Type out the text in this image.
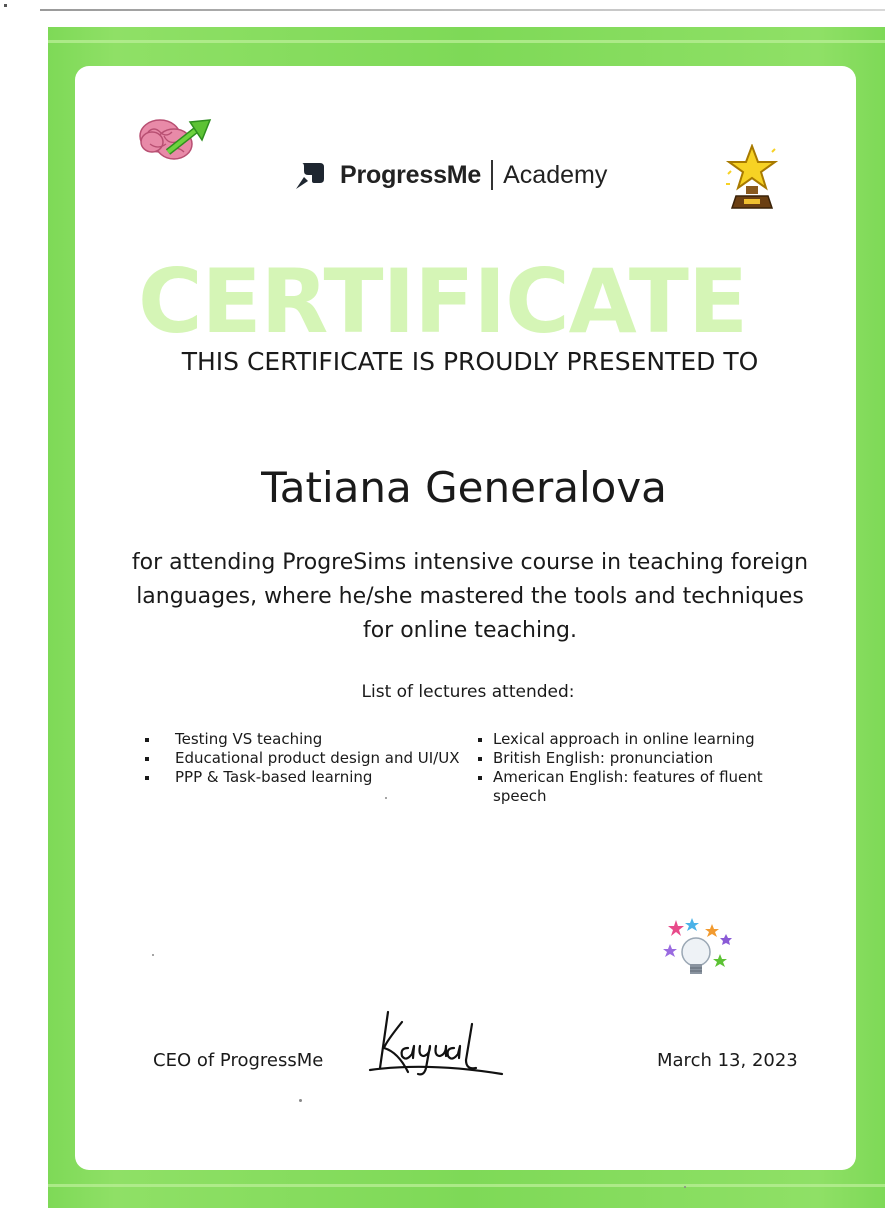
ProgressMe Academy
CERTIFICATE
THIS CERTIFICATE IS PROUDLY PRESENTED TO
Tatiana Generalova
for attending ProgreSims intensive course in teaching foreign languages, where he/she mastered the tools and techniques for online teaching.
List of lectures attended:
Testing VS teaching
Educational product design and UI/UX
PPP & Task-based learning
Lexical approach in online learning
British English: pronunciation
American English: features of fluent speech
CEO of ProgressMe	March 13, 2023
